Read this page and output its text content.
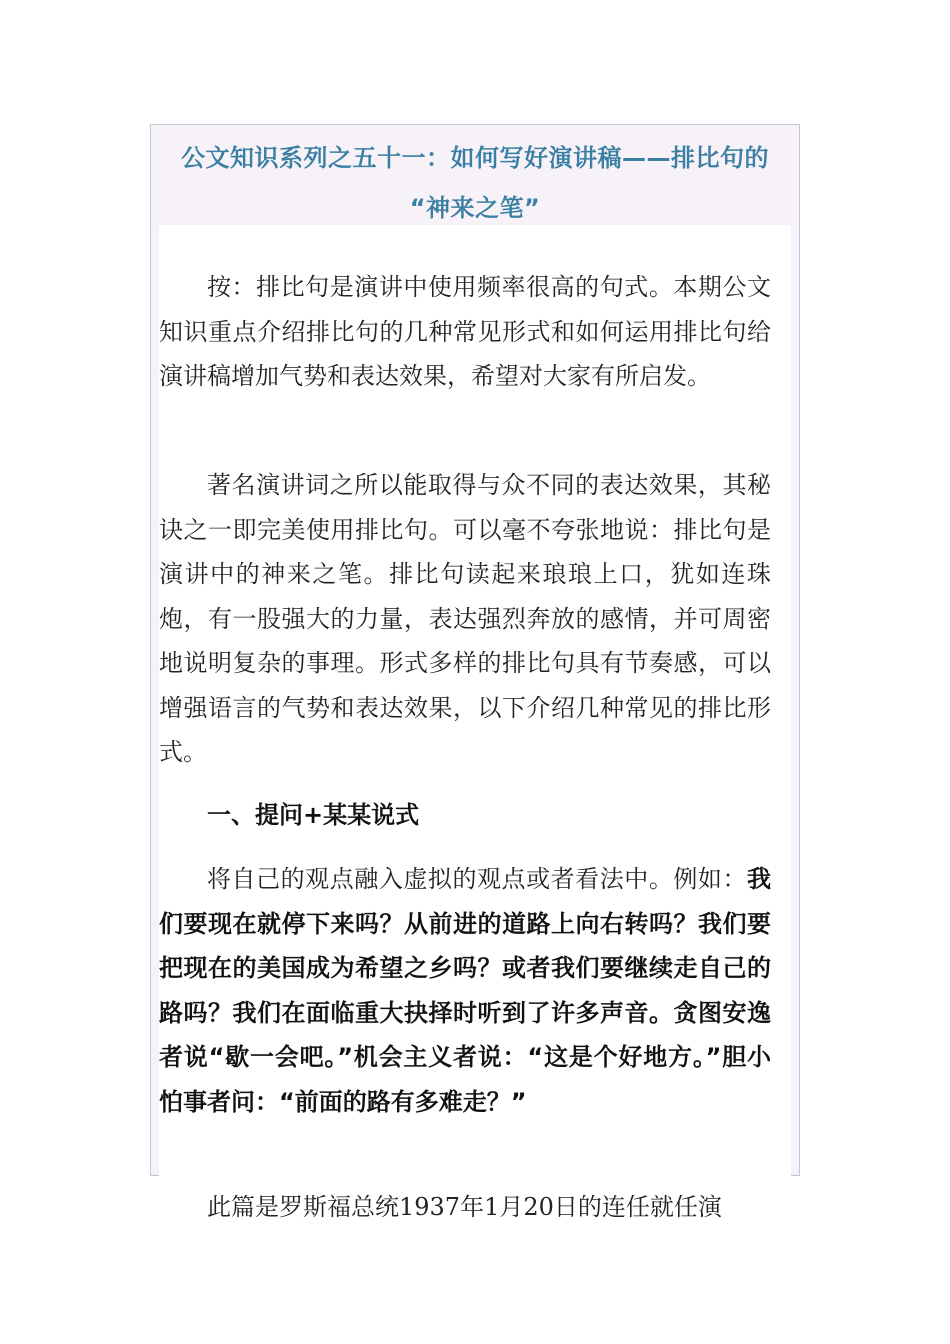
公文知识系列之五十一：如何写好演讲稿——排比句的
“神来之笔”

按：排比句是演讲中使用频率很高的句式。本期公文知识重点介绍排比句的几种常见形式和如何运用排比句给演讲稿增加气势和表达效果，希望对大家有所启发。

著名演讲词之所以能取得与众不同的表达效果，其秘诀之一即完美使用排比句。可以毫不夸张地说：排比句是演讲中的神来之笔。排比句读起来琅琅上口，犹如连珠炮，有一股强大的力量，表达强烈奔放的感情，并可周密地说明复杂的事理。形式多样的排比句具有节奏感，可以增强语言的气势和表达效果，以下介绍几种常见的排比形式。

一、提问+某某说式

将自己的观点融入虚拟的观点或者看法中。例如：我们要现在就停下来吗？从前进的道路上向右转吗？我们要把现在的美国成为希望之乡吗？或者我们要继续走自己的路吗？我们在面临重大抉择时听到了许多声音。贪图安逸者说“歇一会吧。”机会主义者说：“这是个好地方。”胆小怕事者问：“前面的路有多难走？”

此篇是罗斯福总统1937年1月20日的连任就任演
